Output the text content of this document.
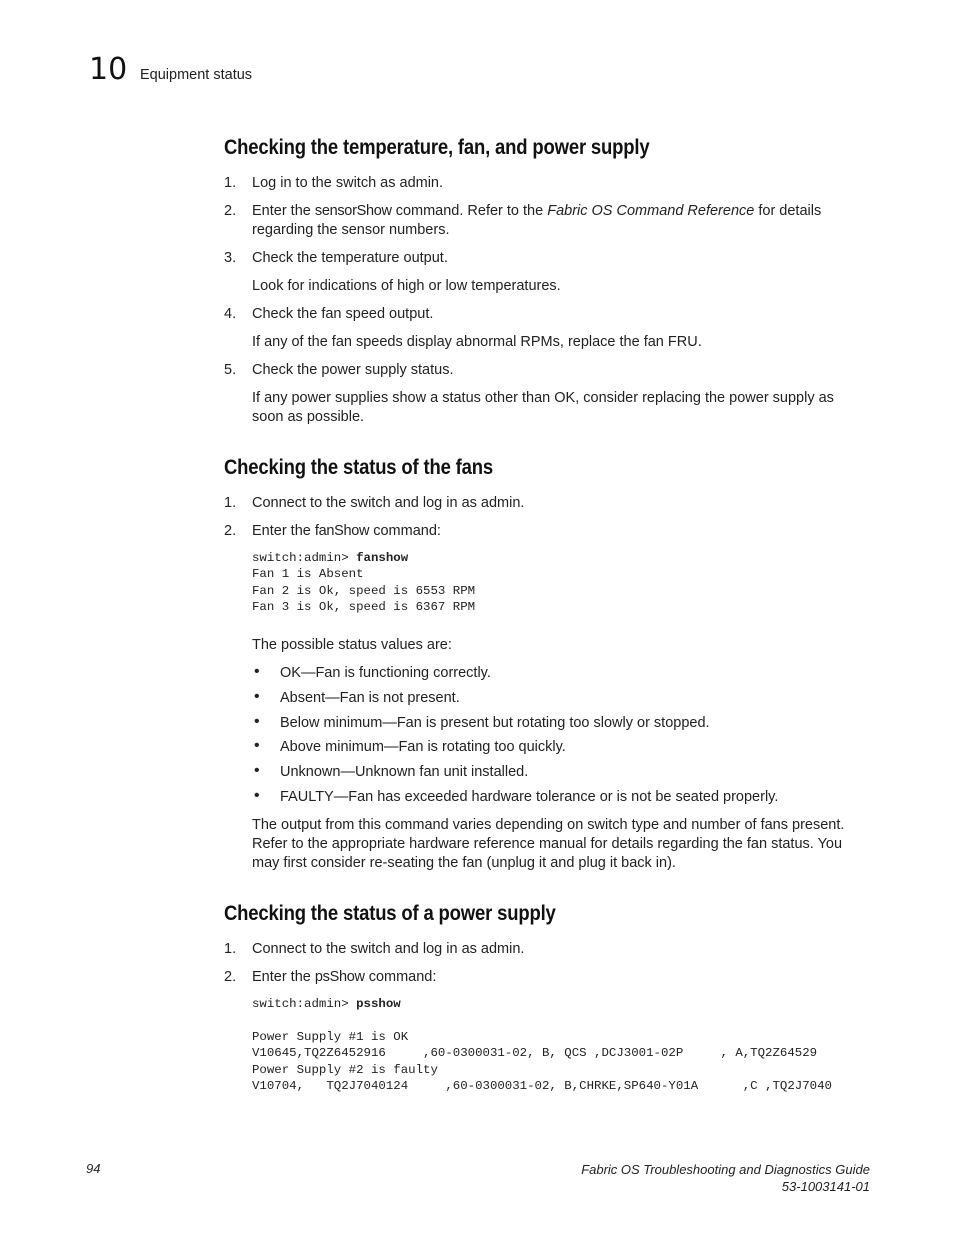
10 Equipment status
Checking the temperature, fan, and power supply
1.	Log in to the switch as admin.
2.	Enter the sensorShow command. Refer to the Fabric OS Command Reference for details regarding the sensor numbers.
3.	Check the temperature output.
Look for indications of high or low temperatures.
4.	Check the fan speed output.
If any of the fan speeds display abnormal RPMs, replace the fan FRU.
5.	Check the power supply status.
If any power supplies show a status other than OK, consider replacing the power supply as soon as possible.
Checking the status of the fans
1.	Connect to the switch and log in as admin.
2.	Enter the fanShow command:
switch:admin> fanshow
Fan 1 is Absent
Fan 2 is Ok, speed is 6553 RPM
Fan 3 is Ok, speed is 6367 RPM
The possible status values are:
• OK—Fan is functioning correctly.
• Absent—Fan is not present.
• Below minimum—Fan is present but rotating too slowly or stopped.
• Above minimum—Fan is rotating too quickly.
• Unknown—Unknown fan unit installed.
• FAULTY—Fan has exceeded hardware tolerance or is not be seated properly.
The output from this command varies depending on switch type and number of fans present. Refer to the appropriate hardware reference manual for details regarding the fan status. You may first consider re-seating the fan (unplug it and plug it back in).
Checking the status of a power supply
1.	Connect to the switch and log in as admin.
2.	Enter the psShow command:
switch:admin> psshow

Power Supply #1 is OK
V10645,TQ2Z6452916     ,60-0300031-02, B, QCS ,DCJ3001-02P     , A,TQ2Z64529
Power Supply #2 is faulty
V10704,   TQ2J7040124     ,60-0300031-02, B,CHRKE,SP640-Y01A      ,C ,TQ2J7040
94	Fabric OS Troubleshooting and Diagnostics Guide
53-1003141-01
